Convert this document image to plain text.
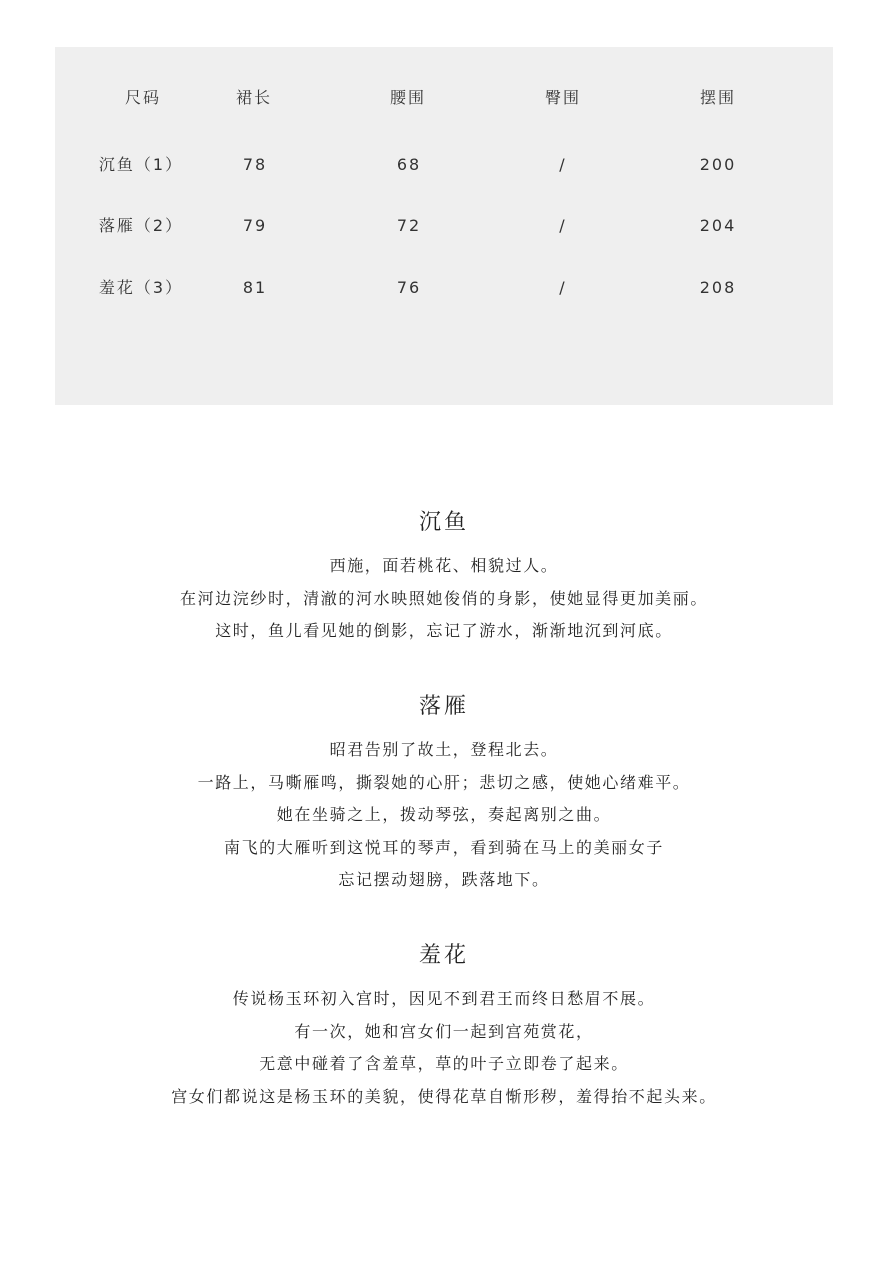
尺码	裙长	腰围	臀围	摆围
沉鱼（1）	78	68	/	200
落雁（2）	79	72	/	204
羞花（3）	81	76	/	208
沉鱼
西施，面若桃花、相貌过人。
在河边浣纱时，清澈的河水映照她俊俏的身影，使她显得更加美丽。
这时，鱼儿看见她的倒影，忘记了游水，渐渐地沉到河底。
落雁
昭君告别了故土，登程北去。
一路上，马嘶雁鸣，撕裂她的心肝；悲切之感，使她心绪难平。
她在坐骑之上，拨动琴弦，奏起离别之曲。
南飞的大雁听到这悦耳的琴声，看到骑在马上的美丽女子
忘记摆动翅膀，跌落地下。
羞花
传说杨玉环初入宫时，因见不到君王而终日愁眉不展。
有一次，她和宫女们一起到宫苑赏花，
无意中碰着了含羞草，草的叶子立即卷了起来。
宫女们都说这是杨玉环的美貌，使得花草自惭形秽，羞得抬不起头来。
